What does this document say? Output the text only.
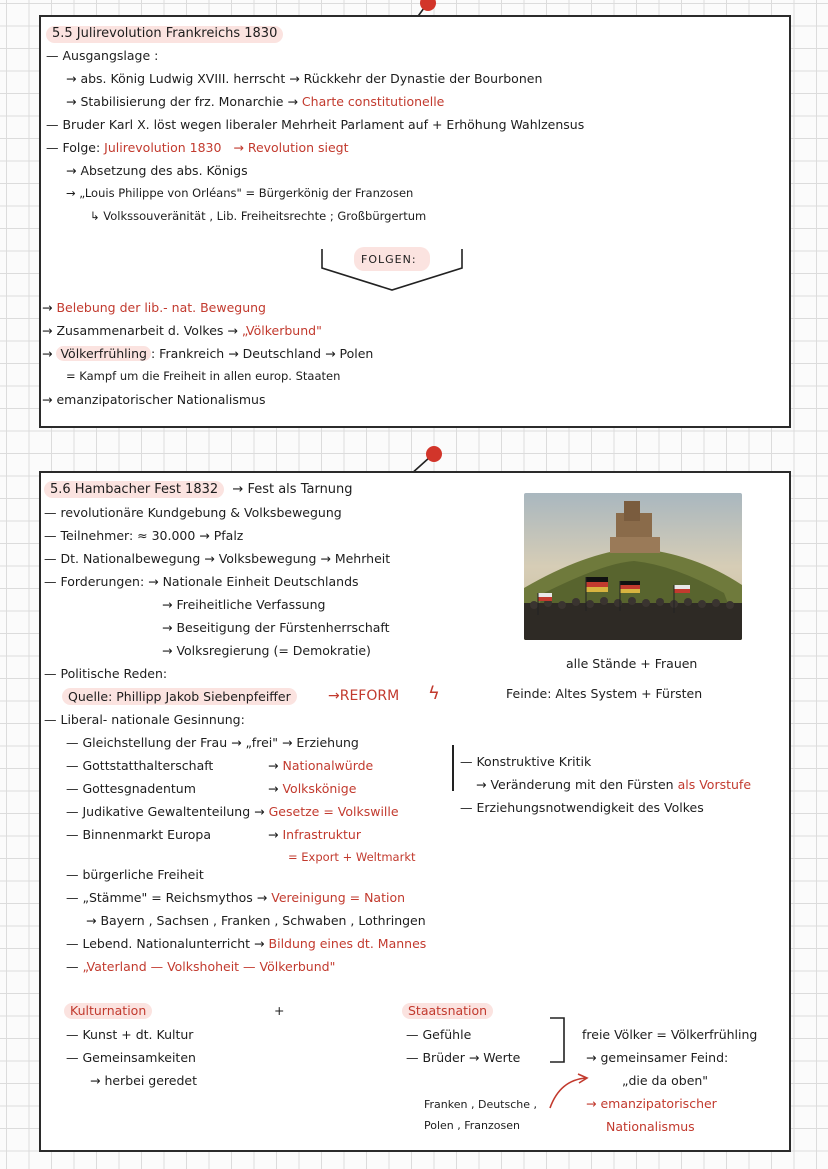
5.5 Julirevolution Frankreichs 1830
— Ausgangslage :
→ abs. König Ludwig XVIII. herrscht → Rückkehr der Dynastie der Bourbonen
→ Stabilisierung der frz. Monarchie → Charte constitutionelle
— Bruder Karl X. löst wegen liberaler Mehrheit Parlament auf + Erhöhung Wahlzensus
— Folge: Julirevolution 1830 → Revolution siegt
→ Absetzung des abs. Königs
→ „Louis Philippe von Orléans" = Bürgerkönig der Franzosen
↳ Volkssouveränität , Lib. Freiheitsrechte ; Großbürgertum
FOLGEN:
→ Belebung der lib.- nat. Bewegung
→ Zusammenarbeit d. Volkes → „Völkerbund"
→ Völkerfrühling : Frankreich → Deutschland → Polen
= Kampf um die Freiheit in allen europ. Staaten
→ emanzipatorischer Nationalismus
5.6 Hambacher Fest 1832 → Fest als Tarnung
— revolutionäre Kundgebung & Volksbewegung
— Teilnehmer: ≈ 30.000 → Pfalz
— Dt. Nationalbewegung → Volksbewegung → Mehrheit
— Forderungen: → Nationale Einheit Deutschlands
→ Freiheitliche Verfassung
→ Beseitigung der Fürstenherrschaft
→ Volksregierung (= Demokratie)
— Politische Reden:
Quelle: Phillipp Jakob Siebenpfeiffer	→REFORM ϟ
alle Stände + Frauen
Feinde: Altes System + Fürsten
— Liberal- nationale Gesinnung:
— Gleichstellung der Frau → „frei" → Erziehung
— Gottstatthalterschaft	→ Nationalwürde
— Gottesgnadentum	→ Volkskönige
— Judikative Gewaltenteilung → Gesetze = Volkswille
— Binnenmarkt Europa	→ Infrastruktur
= Export + Weltmarkt
— Konstruktive Kritik
→ Veränderung mit den Fürsten als Vorstufe
— Erziehungsnotwendigkeit des Volkes
— bürgerliche Freiheit
— „Stämme" = Reichsmythos → Vereinigung = Nation
→ Bayern , Sachsen , Franken , Schwaben , Lothringen
— Lebend. Nationalunterricht → Bildung eines dt. Mannes
— „Vaterland — Volkshoheit — Völkerbund"
Kulturnation	+
— Kunst + dt. Kultur
— Gemeinsamkeiten
→ herbei geredet
Staatsnation
— Gefühle
— Brüder → Werte
Franken , Deutsche ,
Polen , Franzosen
freie Völker = Völkerfrühling
→ gemeinsamer Feind:
„die da oben"
→ emanzipatorischer
Nationalismus
